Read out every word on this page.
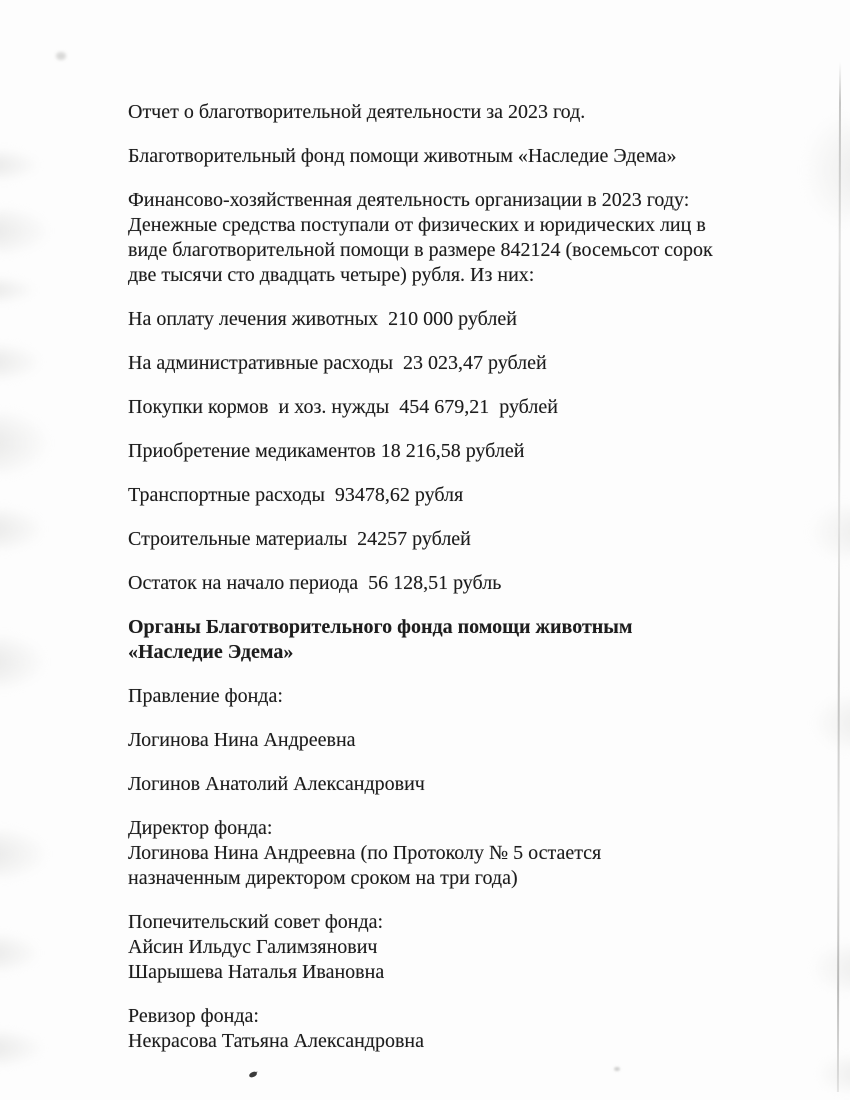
Отчет о благотворительной деятельности за 2023 год.

Благотворительный фонд помощи животным «Наследие Эдема»

Финансово-хозяйственная деятельность организации в 2023 году:
Денежные средства поступали от физических и юридических лиц в
виде благотворительной помощи в размере 842124 (восемьсот сорок
две тысячи сто двадцать четыре) рубля. Из них:

На оплату лечения животных  210 000 рублей

На административные расходы  23 023,47 рублей

Покупки кормов  и хоз. нужды  454 679,21  рублей

Приобретение медикаментов 18 216,58 рублей

Транспортные расходы  93478,62 рубля

Строительные материалы  24257 рублей

Остаток на начало периода  56 128,51 рубль

Органы Благотворительного фонда помощи животным
«Наследие Эдема»

Правление фонда:

Логинова Нина Андреевна

Логинов Анатолий Александрович

Директор фонда:
Логинова Нина Андреевна (по Протоколу № 5 остается
назначенным директором сроком на три года)

Попечительский совет фонда:
Айсин Ильдус Галимзянович
Шарышева Наталья Ивановна

Ревизор фонда:
Некрасова Татьяна Александровна
